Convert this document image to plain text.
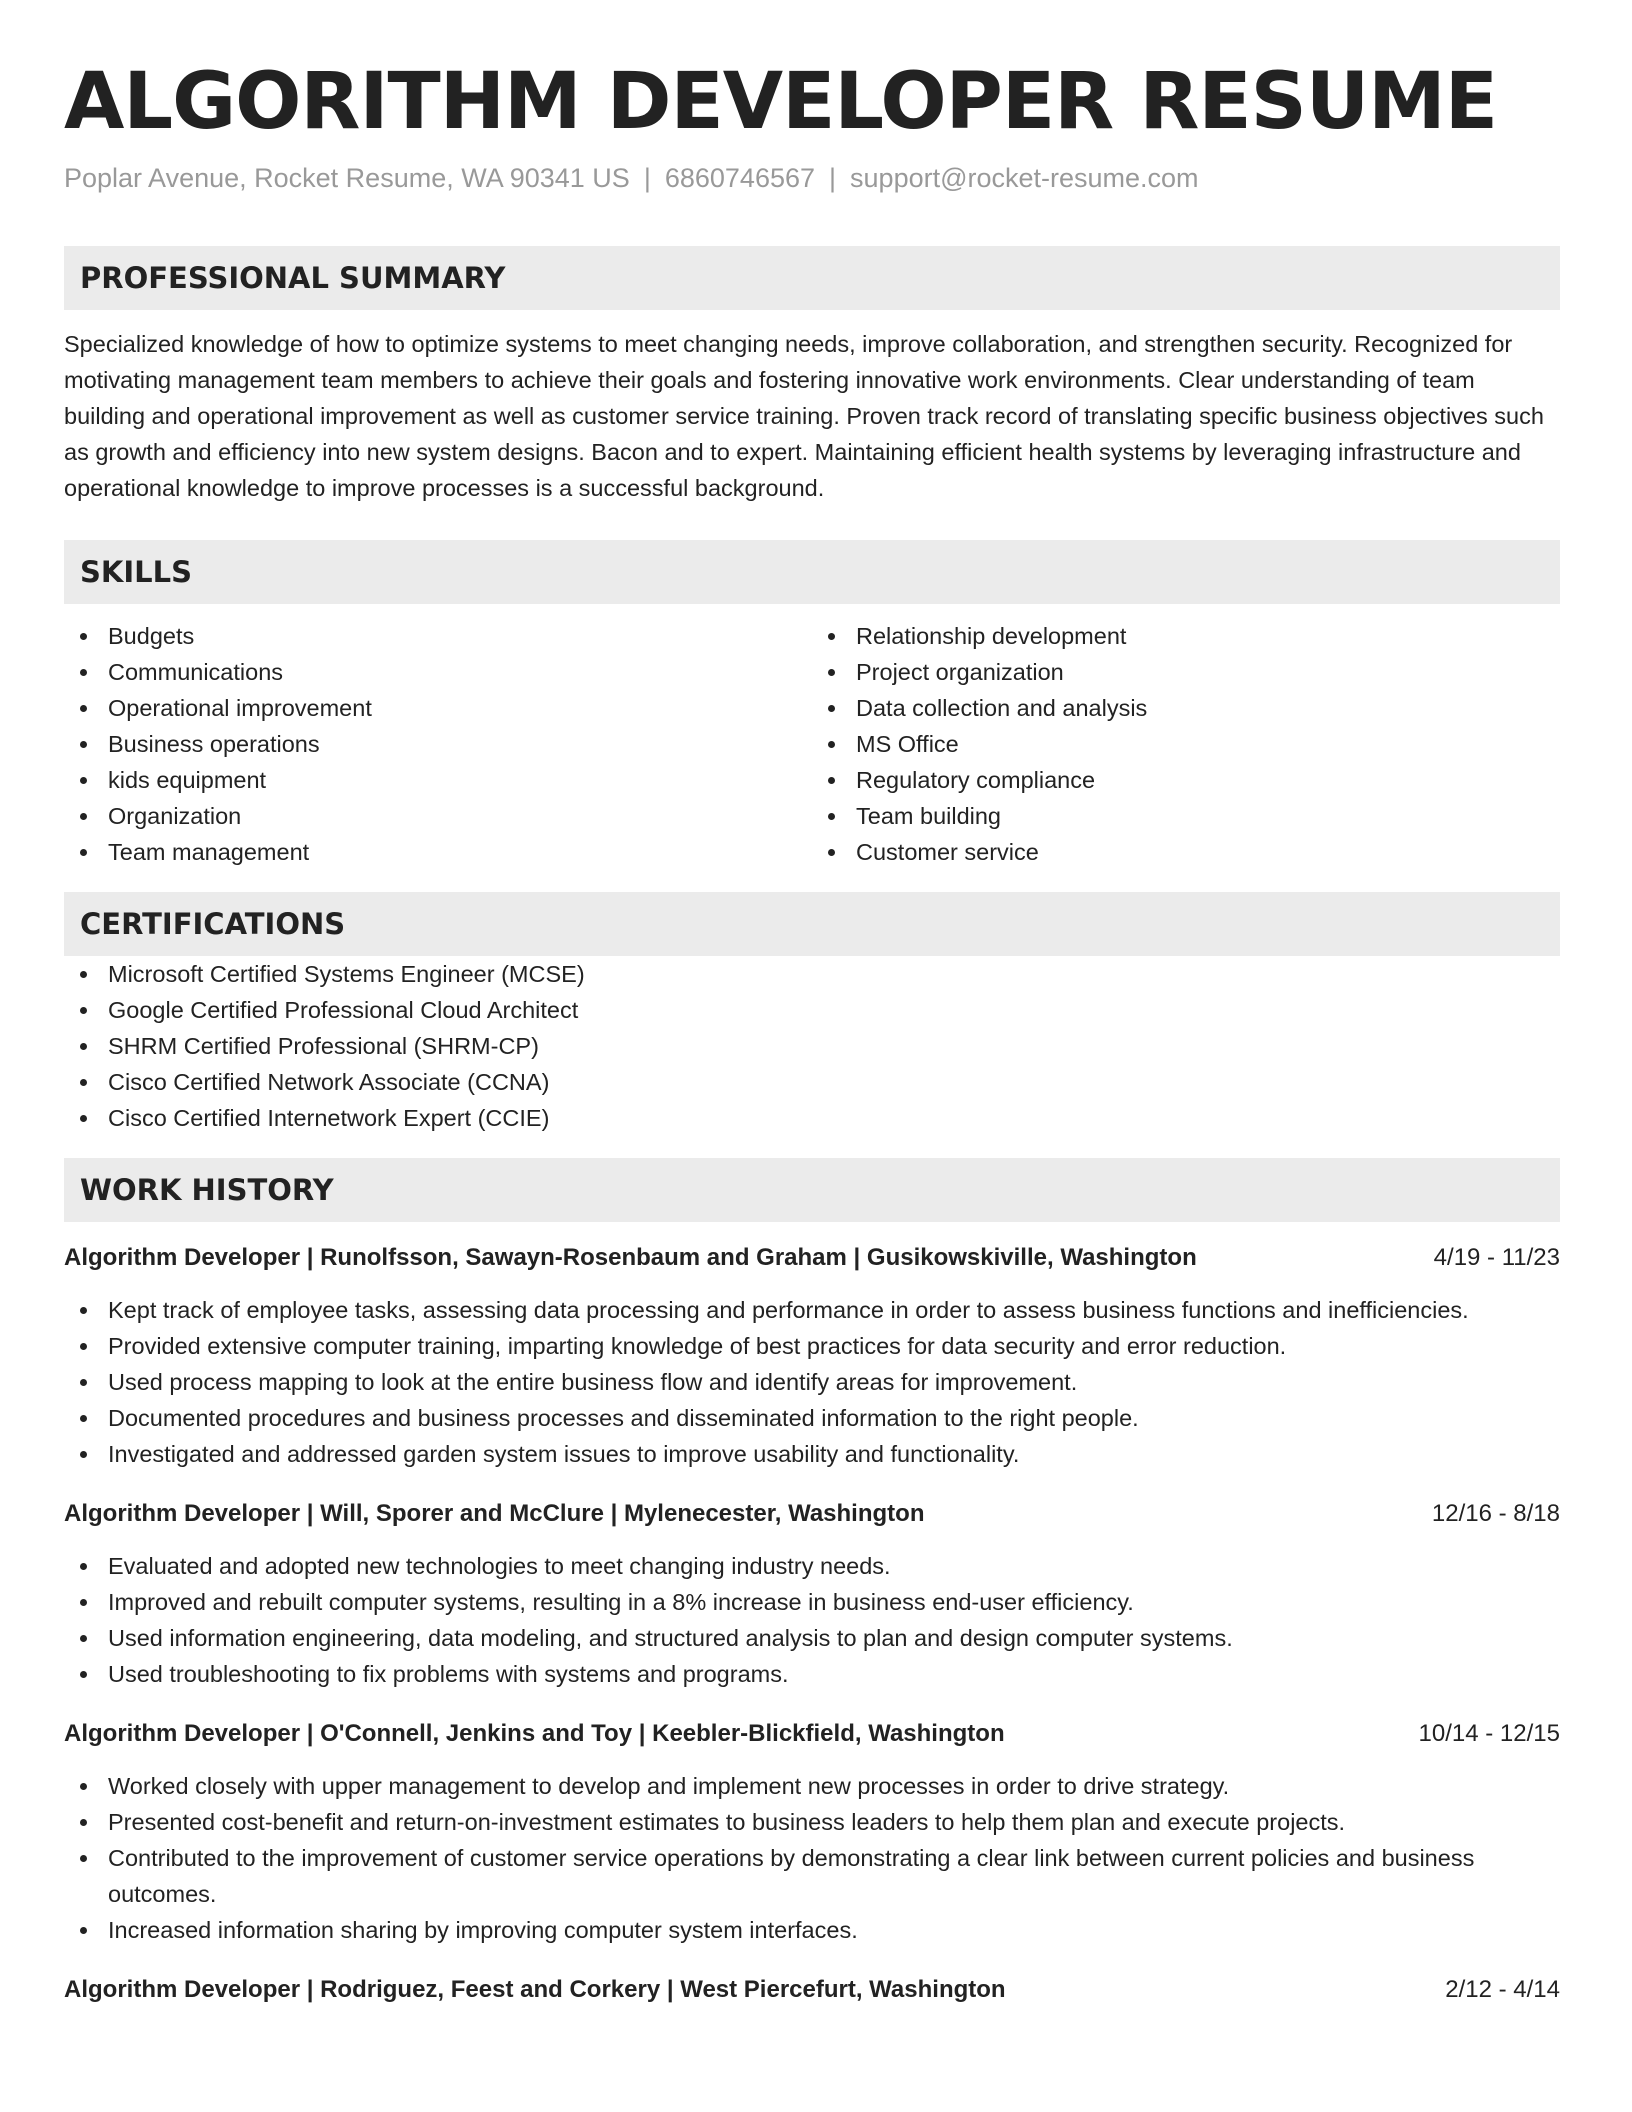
ALGORITHM DEVELOPER RESUME
Poplar Avenue, Rocket Resume, WA 90341 US | 6860746567 | support@rocket-resume.com
PROFESSIONAL SUMMARY

Specialized knowledge of how to optimize systems to meet changing needs, improve collaboration, and strengthen security. Recognized for motivating management team members to achieve their goals and fostering innovative work environments. Clear understanding of team building and operational improvement as well as customer service training. Proven track record of translating specific business objectives such as growth and efficiency into new system designs. Bacon and to expert. Maintaining efficient health systems by leveraging infrastructure and operational knowledge to improve processes is a successful background.

SKILLS
Budgets
Communications
Operational improvement
Business operations
kids equipment
Organization
Team management
Relationship development
Project organization
Data collection and analysis
MS Office
Regulatory compliance
Team building
Customer service
CERTIFICATIONS
Microsoft Certified Systems Engineer (MCSE)
Google Certified Professional Cloud Architect
SHRM Certified Professional (SHRM-CP)
Cisco Certified Network Associate (CCNA)
Cisco Certified Internetwork Expert (CCIE)
WORK HISTORY
Algorithm Developer | Runolfsson, Sawayn-Rosenbaum and Graham | Gusikowskiville, Washington	4/19 - 11/23
Kept track of employee tasks, assessing data processing and performance in order to assess business functions and inefficiencies.
Provided extensive computer training, imparting knowledge of best practices for data security and error reduction.
Used process mapping to look at the entire business flow and identify areas for improvement.
Documented procedures and business processes and disseminated information to the right people.
Investigated and addressed garden system issues to improve usability and functionality.
Algorithm Developer | Will, Sporer and McClure | Mylenecester, Washington	12/16 - 8/18
Evaluated and adopted new technologies to meet changing industry needs.
Improved and rebuilt computer systems, resulting in a 8% increase in business end-user efficiency.
Used information engineering, data modeling, and structured analysis to plan and design computer systems.
Used troubleshooting to fix problems with systems and programs.
Algorithm Developer | O'Connell, Jenkins and Toy | Keebler-Blickfield, Washington	10/14 - 12/15
Worked closely with upper management to develop and implement new processes in order to drive strategy.
Presented cost-benefit and return-on-investment estimates to business leaders to help them plan and execute projects.
Contributed to the improvement of customer service operations by demonstrating a clear link between current policies and business outcomes.
Increased information sharing by improving computer system interfaces.
Algorithm Developer | Rodriguez, Feest and Corkery | West Piercefurt, Washington	2/12 - 4/14
